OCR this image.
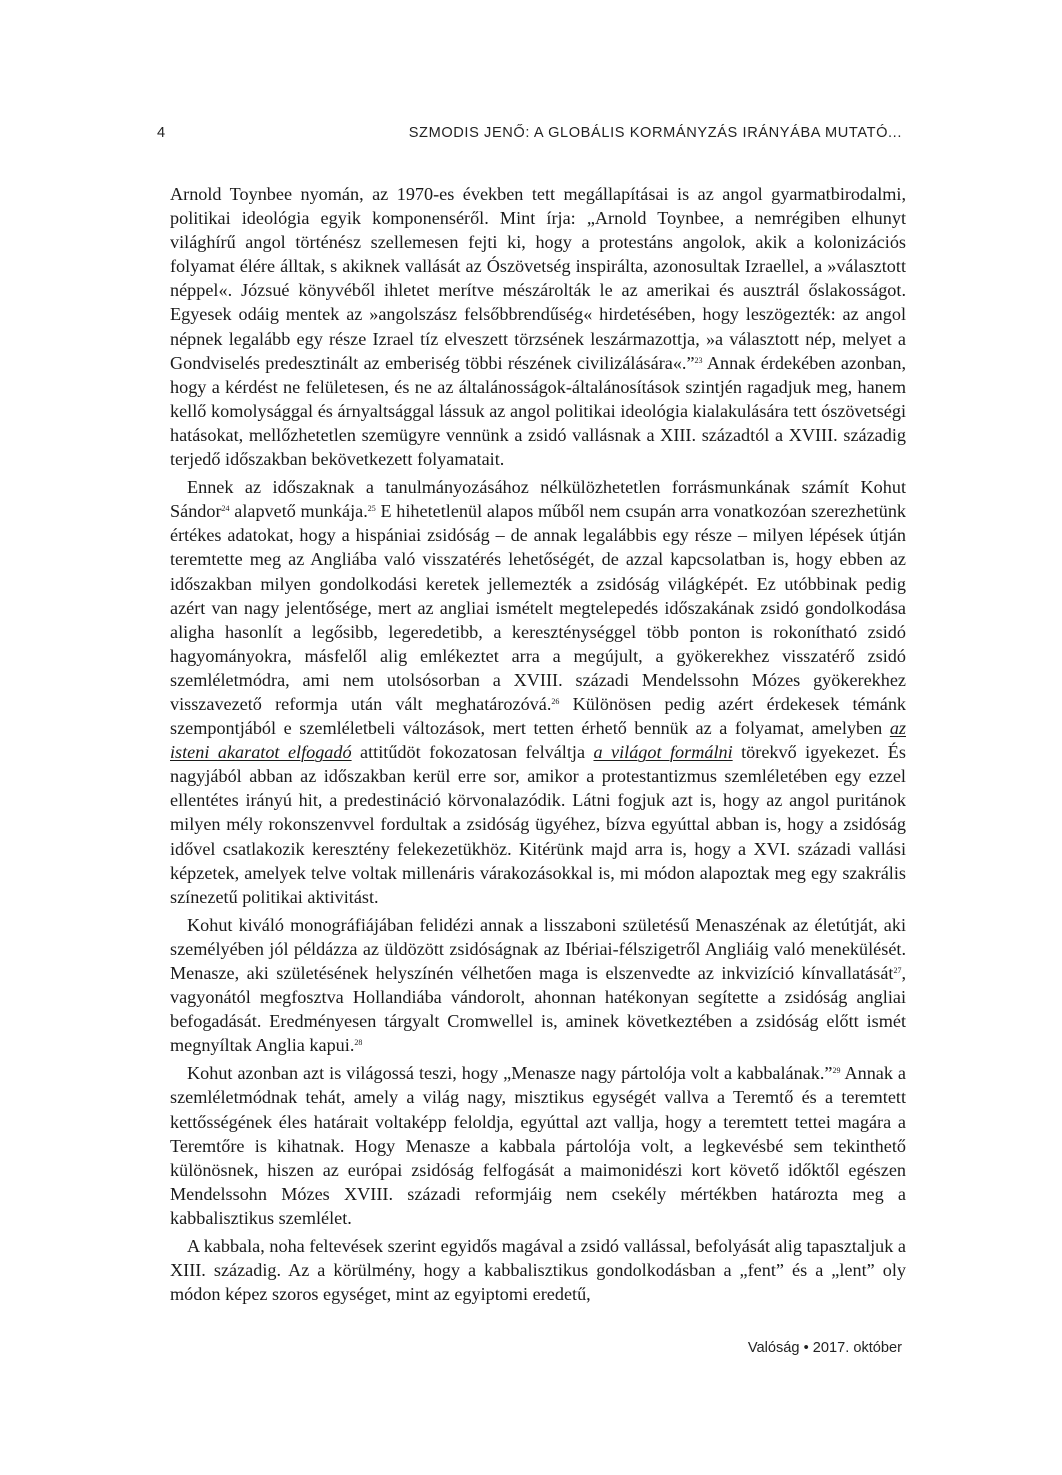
4	SZMODIS JENŐ: A GLOBÁLIS KORMÁNYZÁS IRÁNYÁBA MUTATÓ...

Arnold Toynbee nyomán, az 1970-es években tett megállapításai is az angol gyarmatbirodalmi, politikai ideológia egyik komponenséről. Mint írja: „Arnold Toynbee, a nemrégiben elhunyt világhírű angol történész szellemesen fejti ki, hogy a protestáns angolok, akik a kolonizációs folyamat élére álltak, s akiknek vallását az Ószövetség inspirálta, azonosultak Izraellel, a »választott néppel«. Józsué könyvéből ihletet merítve mészárolták le az amerikai és ausztrál őslakosságot. Egyesek odáig mentek az »angolszász felsőbbrendűség« hirdetésében, hogy leszögezték: az angol népnek legalább egy része Izrael tíz elveszett törzsének leszármazottja, »a választott nép, melyet a Gondviselés predesztinált az emberiség többi részének civilizálására«.”$^{23}$ Annak érdekében azonban, hogy a kérdést ne felületesen, és ne az általánosságok-általánosítások szintjén ragadjuk meg, hanem kellő komolysággal és árnyaltsággal lássuk az angol politikai ideológia kialakulására tett ószövetségi hatásokat, mellőzhetetlen szemügyre vennünk a zsidó vallásnak a XIII. századtól a XVIII. századig terjedő időszakban bekövetkezett folyamatait.

Ennek az időszaknak a tanulmányozásához nélkülözhetetlen forrásmunkának számít Kohut Sándor$^{24}$ alapvető munkája.$^{25}$ E hihetetlenül alapos műből nem csupán arra vonatkozóan szerezhetünk értékes adatokat, hogy a hispániai zsidóság – de annak legalábbis egy része – milyen lépések útján teremtette meg az Angliába való visszatérés lehetőségét, de azzal kapcsolatban is, hogy ebben az időszakban milyen gondolkodási keretek jellemezték a zsidóság világképét. Ez utóbbinak pedig azért van nagy jelentősége, mert az angliai ismételt megtelepedés időszakának zsidó gondolkodása aligha hasonlít a legősibb, legeredetibb, a kereszténységgel több ponton is rokonítható zsidó hagyományokra, másfelől alig emlékeztet arra a megújult, a gyökerekhez visszatérő zsidó szemléletmódra, ami nem utolsósorban a XVIII. századi Mendelssohn Mózes gyökerekhez visszavezető reformja után vált meghatározóvá.$^{26}$ Különösen pedig azért érdekesek témánk szempontjából e szemléletbeli változások, mert tetten érhető bennük az a folyamat, amelyben az isteni akaratot elfogadó attitűdöt fokozatosan felváltja a világot formálni törekvő igyekezet. És nagyjából abban az időszakban kerül erre sor, amikor a protestantizmus szemléletében egy ezzel ellentétes irányú hit, a predestináció körvonalazódik. Látni fogjuk azt is, hogy az angol puritánok milyen mély rokonszenvvel fordultak a zsidóság ügyéhez, bízva egyúttal abban is, hogy a zsidóság idővel csatlakozik keresztény felekezetükhöz. Kitérünk majd arra is, hogy a XVI. századi vallási képzetek, amelyek telve voltak millenáris várakozásokkal is, mi módon alapoztak meg egy szakrális színezetű politikai aktivitást.

Kohut kiváló monográfiájában felidézi annak a lisszaboni születésű Menaszénak az életútját, aki személyében jól példázza az üldözött zsidóságnak az Ibériai-félszigetről Angliáig való menekülését. Menasze, aki születésének helyszínén vélhetően maga is elszenvedte az inkvizíció kínvallatását$^{27}$, vagyonától megfosztva Hollandiába vándorolt, ahonnan hatékonyan segítette a zsidóság angliai befogadását. Eredményesen tárgyalt Cromwellel is, aminek következtében a zsidóság előtt ismét megnyíltak Anglia kapui.$^{28}$

Kohut azonban azt is világossá teszi, hogy „Menasze nagy pártolója volt a kabbalának.”$^{29}$ Annak a szemléletmódnak tehát, amely a világ nagy, misztikus egységét vallva a Teremtő és a teremtett kettősségének éles határait voltaképp feloldja, egyúttal azt vallja, hogy a teremtett tettei magára a Teremtőre is kihatnak. Hogy Menasze a kabbala pártolója volt, a legkevésbé sem tekinthető különösnek, hiszen az európai zsidóság felfogását a maimonidészi kort követő időktől egészen Mendelssohn Mózes XVIII. századi reformjáig nem csekély mértékben határozta meg a kabbalisztikus szemlélet.

A kabbala, noha feltevések szerint egyidős magával a zsidó vallással, befolyását alig tapasztaljuk a XIII. századig. Az a körülmény, hogy a kabbalisztikus gondolkodásban a „fent” és a „lent” oly módon képez szoros egységet, mint az egyiptomi eredetű,

Valóság • 2017. október
